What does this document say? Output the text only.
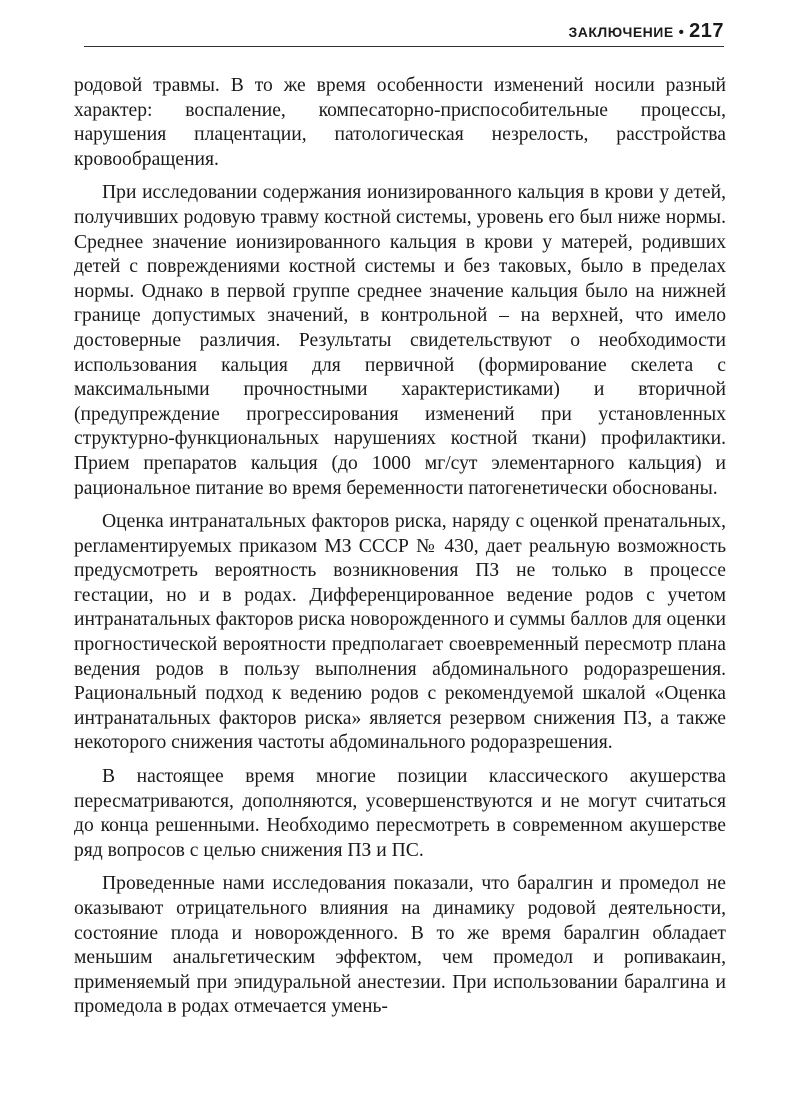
ЗАКЛЮЧЕНИЕ • 217

родовой травмы. В то же время особенности изменений носили разный характер: воспаление, компесаторно-приспособительные процессы, нарушения плацентации, патологическая незрелость, расстройства кровообращения.

При исследовании содержания ионизированного кальция в крови у детей, получивших родовую травму костной системы, уровень его был ниже нормы. Среднее значение ионизированного кальция в крови у матерей, родивших детей с повреждениями костной системы и без таковых, было в пределах нормы. Однако в первой группе среднее значение кальция было на нижней границе допустимых значений, в контрольной – на верхней, что имело достоверные различия. Результаты свидетельствуют о необходимости использования кальция для первичной (формирование скелета с максимальными прочностными характеристиками) и вторичной (предупреждение прогрессирования изменений при установленных структурно-функциональных нарушениях костной ткани) профилактики. Прием препаратов кальция (до 1000 мг/сут элементарного кальция) и рациональное питание во время беременности патогенетически обоснованы.

Оценка интранатальных факторов риска, наряду с оценкой пренатальных, регламентируемых приказом МЗ СССР № 430, дает реальную возможность предусмотреть вероятность возникновения ПЗ не только в процессе гестации, но и в родах. Дифференцированное ведение родов с учетом интранатальных факторов риска новорожденного и суммы баллов для оценки прогностической вероятности предполагает своевременный пересмотр плана ведения родов в пользу выполнения абдоминального родоразрешения. Рациональный подход к ведению родов с рекомендуемой шкалой «Оценка интранатальных факторов риска» является резервом снижения ПЗ, а также некоторого снижения частоты абдоминального родоразрешения.

В настоящее время многие позиции классического акушерства пересматриваются, дополняются, усовершенствуются и не могут считаться до конца решенными. Необходимо пересмотреть в современном акушерстве ряд вопросов с целью снижения ПЗ и ПС.

Проведенные нами исследования показали, что баралгин и промедол не оказывают отрицательного влияния на динамику родовой деятельности, состояние плода и новорожденного. В то же время баралгин обладает меньшим анальгетическим эффектом, чем промедол и ропивакаин, применяемый при эпидуральной анестезии. При использовании баралгина и промедола в родах отмечается умень-
